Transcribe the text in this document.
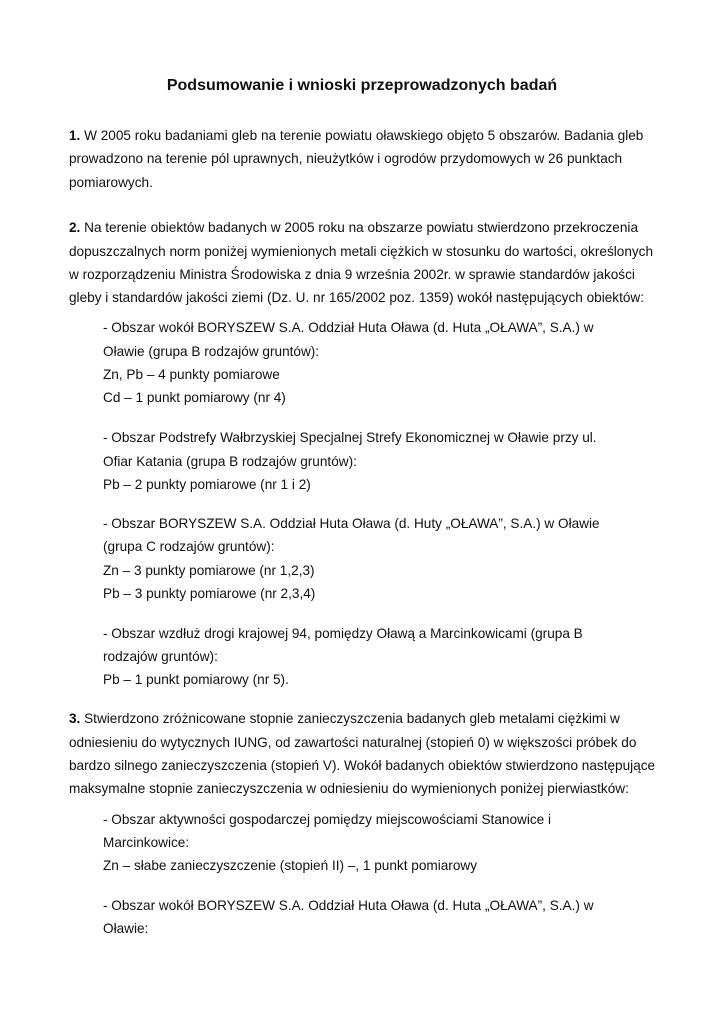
Podsumowanie i wnioski przeprowadzonych badań
1. W 2005 roku badaniami gleb na terenie powiatu oławskiego objęto 5 obszarów. Badania gleb
prowadzono na terenie pól uprawnych, nieużytków i ogrodów przydomowych w 26 punktach
pomiarowych.
2. Na terenie obiektów badanych w 2005 roku na obszarze powiatu stwierdzono przekroczenia
dopuszczalnych norm poniżej wymienionych metali ciężkich w stosunku do wartości, określonych
w rozporządzeniu Ministra Środowiska z dnia 9 września 2002r. w sprawie standardów jakości
gleby i standardów jakości ziemi (Dz. U. nr 165/2002 poz. 1359) wokół następujących obiektów:
- Obszar wokół BORYSZEW S.A. Oddział Huta Oława (d. Huta „OŁAWA”, S.A.) w
Oławie (grupa B rodzajów gruntów):
Zn, Pb – 4 punkty pomiarowe
Cd – 1 punkt pomiarowy (nr 4)
- Obszar Podstrefy Wałbrzyskiej Specjalnej Strefy Ekonomicznej w Oławie przy ul.
Ofiar Katania (grupa B rodzajów gruntów):
Pb – 2 punkty pomiarowe (nr 1 i 2)
- Obszar BORYSZEW S.A. Oddział Huta Oława (d. Huty „OŁAWA”, S.A.) w Oławie
(grupa C rodzajów gruntów):
Zn – 3 punkty pomiarowe (nr 1,2,3)
Pb – 3 punkty pomiarowe (nr 2,3,4)
- Obszar wzdłuż drogi krajowej 94, pomiędzy Oławą a Marcinkowicami (grupa B
rodzajów gruntów):
Pb – 1 punkt pomiarowy (nr 5).
3. Stwierdzono zróżnicowane stopnie zanieczyszczenia badanych gleb metalami ciężkimi w
odniesieniu do wytycznych IUNG, od zawartości naturalnej (stopień 0) w większości próbek do
bardzo silnego zanieczyszczenia (stopień V). Wokół badanych obiektów stwierdzono następujące
maksymalne stopnie zanieczyszczenia w odniesieniu do wymienionych poniżej pierwiastków:
- Obszar aktywności gospodarczej pomiędzy miejscowościami Stanowice i
Marcinkowice:
Zn – słabe zanieczyszczenie (stopień II) –, 1 punkt pomiarowy
- Obszar wokół BORYSZEW S.A. Oddział Huta Oława (d. Huta „OŁAWA”, S.A.) w
Oławie:
